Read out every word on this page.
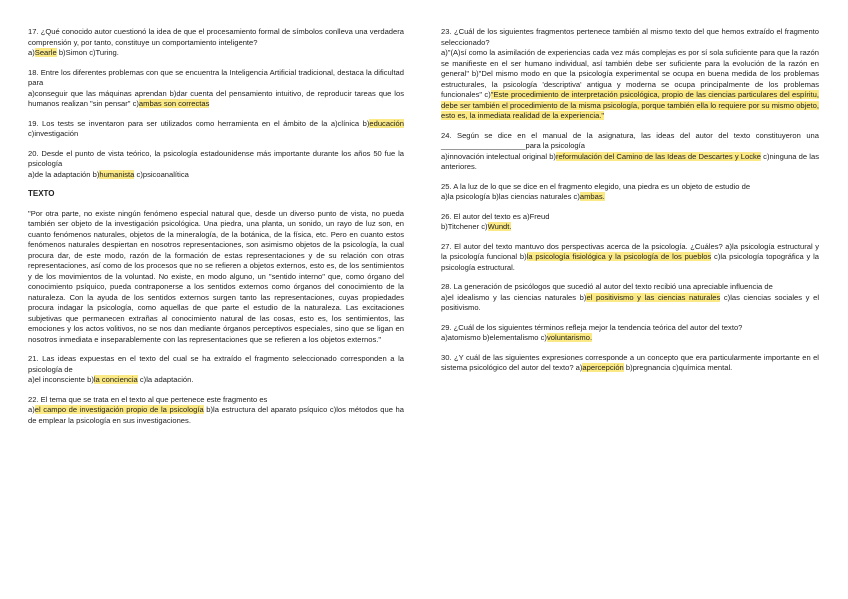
17. ¿Qué conocido autor cuestionó la idea de que el procesamiento formal de símbolos conlleva una verdadera comprensión y, por tanto, constituye un comportamiento inteligente?

a)Searle b)Simon c)Turing.

18. Entre los diferentes problemas con que se encuentra la Inteligencia Artificial tradicional, destaca la dificultad para

a)conseguir que las máquinas aprendan b)dar cuenta del pensamiento intuitivo, de reproducir tareas que los humanos realizan "sin pensar" c)ambas son correctas

19. Los tests se inventaron para ser utilizados como herramienta en el ámbito de la a)clínica b)educación c)investigación

20. Desde el punto de vista teórico, la psicología estadounidense más importante durante los años 50 fue la psicología

a)de la adaptación b)humanista c)psicoanalítica

TEXTO
"Por otra parte, no existe ningún fenómeno especial natural que, desde un diverso punto de vista, no pueda también ser objeto de la investigación psicológica. Una piedra, una planta, un sonido, un rayo de luz son, en cuanto fenómenos naturales, objetos de la mineralogía, de la botánica, de la física, etc. Pero en cuanto estos fenómenos naturales despiertan en nosotros representaciones, son asimismo objetos de la psicología, la cual procura dar, de este modo, razón de la formación de estas representaciones y de su relación con otras representaciones, así como de los procesos que no se refieren a objetos externos, esto es, de los sentimientos y de los movimientos de la voluntad. No existe, en modo alguno, un "sentido interno" que, como órgano del conocimiento psíquico, pueda contraponerse a los sentidos externos como órganos del conocimiento de la naturaleza. Con la ayuda de los sentidos externos surgen tanto las representaciones, cuyas propiedades procura indagar la psicología, como aquellas de que parte el estudio de la naturaleza. Las excitaciones subjetivas que permanecen extrañas al conocimiento natural de las cosas, esto es, los sentimientos, las emociones y los actos volitivos, no se nos dan mediante órganos perceptivos especiales, sino que se ligan en nosotros inmediata e inseparablemente con las representaciones que se refieren a los objetos externos."

21. Las ideas expuestas en el texto del cual se ha extraído el fragmento seleccionado corresponden a la psicología de

a)el inconsciente b)la conciencia c)la adaptación.

22. El tema que se trata en el texto al que pertenece este fragmento es

a)el campo de investigación propio de la psicología b)la estructura del aparato psíquico c)los métodos que ha de emplear la psicología en sus investigaciones.

23. ¿Cuál de los siguientes fragmentos pertenece también al mismo texto del que hemos extraído el fragmento seleccionado?

a)"(A)sí como la asimilación de experiencias cada vez más complejas es por sí sola suficiente para que la razón se manifieste en el ser humano individual, así también debe ser suficiente para la evolución de la razón en general" b)"Del mismo modo en que la psicología experimental se ocupa en buena medida de los problemas estructurales, la psicología 'descriptiva' antigua y moderna se ocupa principalmente de los problemas funcionales" c)"Este procedimiento de interpretación psicológica, propio de las ciencias particulares del espíritu, debe ser también el procedimiento de la misma psicología, porque también ella lo requiere por su mismo objeto, esto es, la inmediata realidad de la experiencia."

24. Según se dice en el manual de la asignatura, las ideas del autor del texto constituyeron una ____________________para la psicología

a)innovación intelectual original b)reformulación del Camino de las Ideas de Descartes y Locke c)ninguna de las anteriores.

25. A la luz de lo que se dice en el fragmento elegido, una piedra es un objeto de estudio de

a)la psicología b)las ciencias naturales c)ambas.

26. El autor del texto es a)Freud

b)Titchener c)Wundt.

27. El autor del texto mantuvo dos perspectivas acerca de la psicología. ¿Cuáles? a)la psicología estructural y la psicología funcional b)la psicología fisiológica y la psicología de los pueblos c)la psicología topográfica y la psicología estructural.

28. La generación de psicólogos que sucedió al autor del texto recibió una apreciable influencia de

a)el idealismo y las ciencias naturales b)el positivismo y las ciencias naturales c)las ciencias sociales y el positivismo.

29. ¿Cuál de los siguientes términos refleja mejor la tendencia teórica del autor del texto?

a)atomismo b)elementalismo c)voluntarismo.

30. ¿Y cuál de las siguientes expresiones corresponde a un concepto que era particularmente importante en el sistema psicológico del autor del texto? a)apercepción b)pregnancia c)química mental.
